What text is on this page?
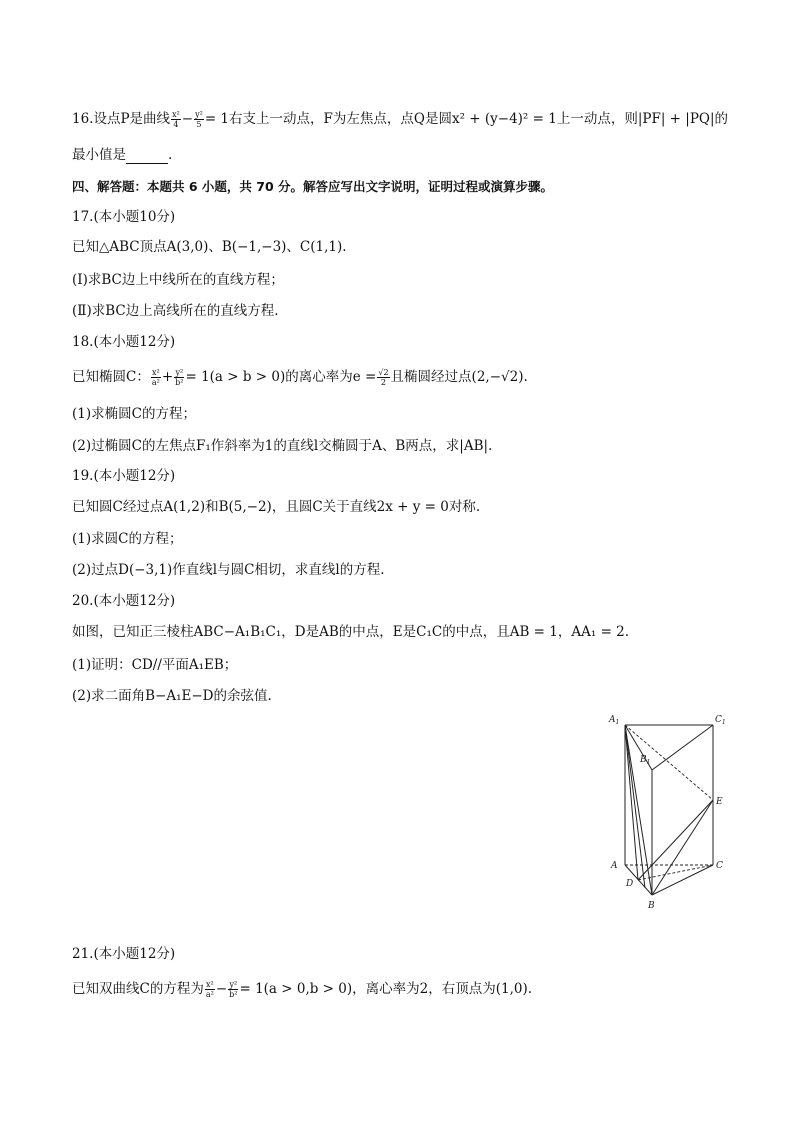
16.设点P是曲线 $\frac{\text{x²}}{4} - \frac{\text{y²}}{5} = 1$右支上一动点，F为左焦点，点Q是圆x² + (y−4)² = 1上一动点，则|PF| + |PQ|的
最小值是	.
四、解答题：本题共 6 小题，共 70 分。解答应写出文字说明，证明过程或演算步骤。
17.(本小题10分)
已知△ABC顶点A(3,0)、B(−1,−3)、C(1,1).
(Ⅰ)求BC边上中线所在的直线方程；
(Ⅱ)求BC边上高线所在的直线方程.
18.(本小题12分)
已知椭圆C： $\frac{\text{x²}}{\text{a²}} + \frac{\text{y²}}{\text{b²}} = 1(a > b > 0)$的离心率为$e = \frac{√2}{2}$ 且椭圆经过点(2,−√2).
(1)求椭圆C的方程；
(2)过椭圆C的左焦点F₁作斜率为1的直线l交椭圆于A、B两点，求|AB|.
19.(本小题12分)
已知圆C经过点A(1,2)和B(5,−2)，且圆C关于直线2x + y = 0对称.
(1)求圆C的方程；
(2)过点D(−3,1)作直线l与圆C相切，求直线l的方程.
20.(本小题12分)
如图，已知正三棱柱ABC−A₁B₁C₁，D是AB的中点，E是C₁C的中点，且AB = 1，AA₁ = 2.
(1)证明：CD//平面A₁EB；
(2)求二面角B−A₁E−D的余弦值.
$A_1$	$C_1$
$B_1$
E
A	C
D
B
21.(本小题12分)
已知双曲线C的方程为 $\frac{\text{x²}}{\text{a²}} - \frac{\text{y²}}{\text{b²}} = 1(a > 0,b > 0)$，离心率为2，右顶点为(1,0).
